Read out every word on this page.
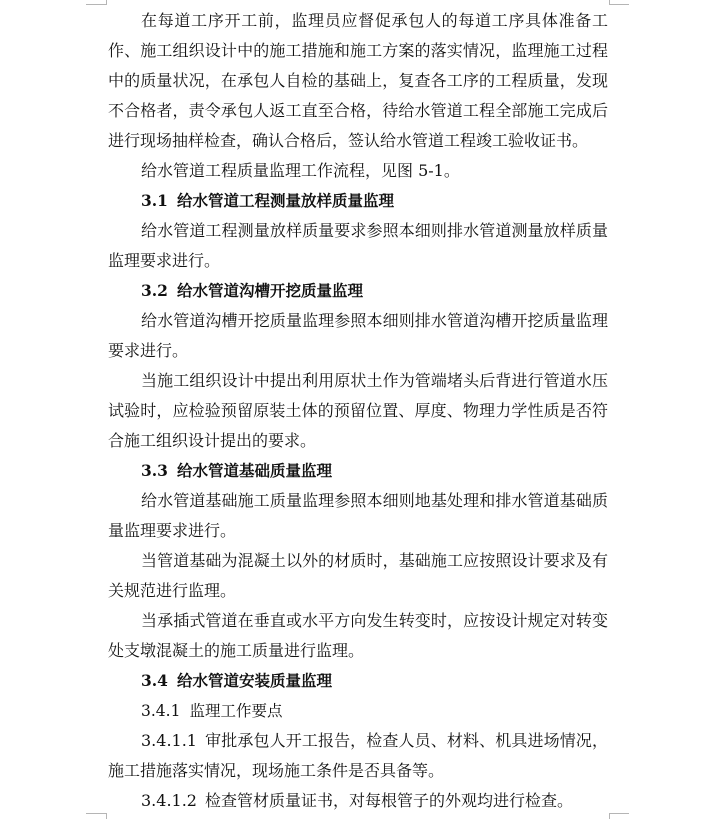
在每道工序开工前，监理员应督促承包人的每道工序具体准备工作、施工组织设计中的施工措施和施工方案的落实情况，监理施工过程中的质量状况，在承包人自检的基础上，复查各工序的工程质量，发现不合格者，责令承包人返工直至合格，待给水管道工程全部施工完成后进行现场抽样检查，确认合格后，签认给水管道工程竣工验收证书。

给水管道工程质量监理工作流程，见图 5-1。

3.1 给水管道工程测量放样质量监理

给水管道工程测量放样质量要求参照本细则排水管道测量放样质量监理要求进行。

3.2 给水管道沟槽开挖质量监理

给水管道沟槽开挖质量监理参照本细则排水管道沟槽开挖质量监理要求进行。

当施工组织设计中提出利用原状土作为管端堵头后背进行管道水压试验时，应检验预留原装土体的预留位置、厚度、物理力学性质是否符合施工组织设计提出的要求。

3.3 给水管道基础质量监理

给水管道基础施工质量监理参照本细则地基处理和排水管道基础质量监理要求进行。

当管道基础为混凝土以外的材质时，基础施工应按照设计要求及有关规范进行监理。

当承插式管道在垂直或水平方向发生转变时，应按设计规定对转变处支墩混凝土的施工质量进行监理。

3.4 给水管道安装质量监理

3.4.1 监理工作要点

3.4.1.1 审批承包人开工报告，检查人员、材料、机具进场情况，施工措施落实情况，现场施工条件是否具备等。

3.4.1.2 检查管材质量证书，对每根管子的外观均进行检查。
